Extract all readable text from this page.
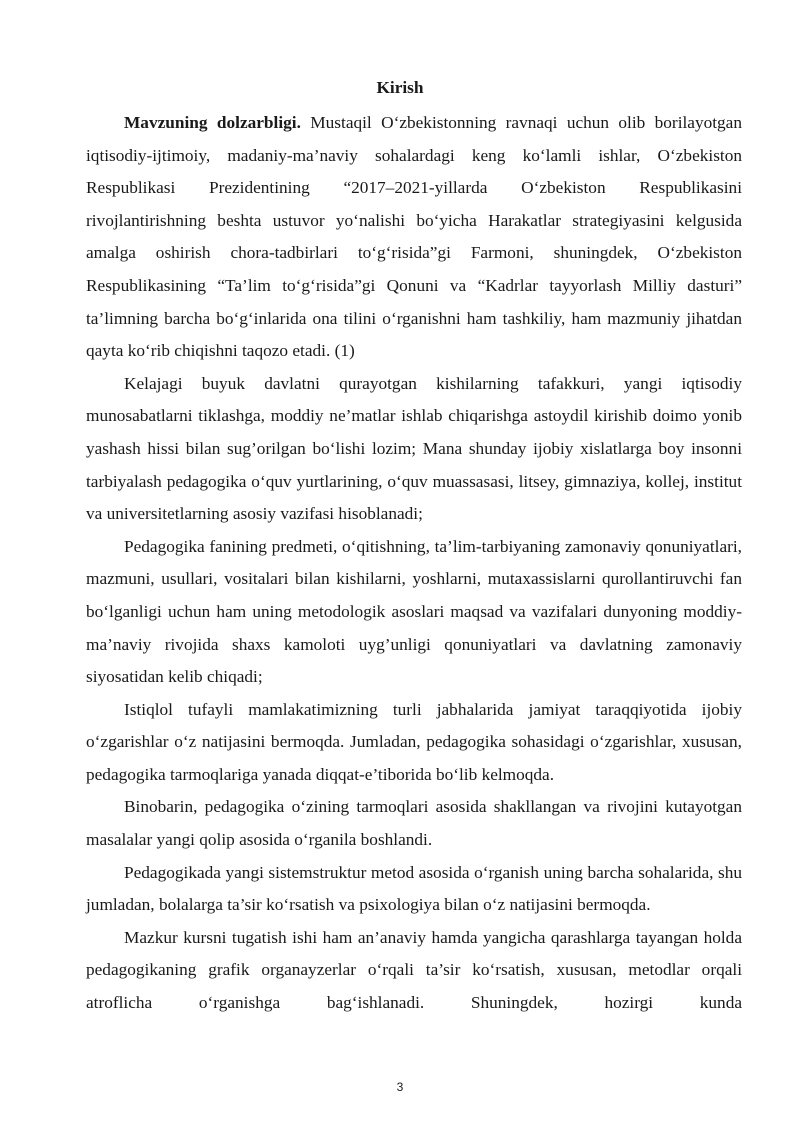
Kirish

Mavzuning dolzarbligi. Mustaqil O‘zbekistonning ravnaqi uchun olib borilayotgan iqtisodiy-ijtimoiy, madaniy-ma’naviy sohalardagi keng ko‘lamli ishlar, O‘zbekiston Respublikasi Prezidentining “2017–2021-yillarda O‘zbekiston Respublikasini rivojlantirishning beshta ustuvor yo‘nalishi bo‘yicha Harakatlar strategiyasini kelgusida amalga oshirish chora-tadbirlari to‘g‘risida”gi Farmoni, shuningdek, O‘zbekiston Respublikasining “Ta’lim to‘g‘risida”gi Qonuni va “Kadrlar tayyorlash Milliy dasturi” ta’limning barcha bo‘g‘inlarida ona tilini o‘rganishni ham tashkiliy, ham mazmuniy jihatdan qayta ko‘rib chiqishni taqozo etadi. (1)

Kelajagi buyuk davlatni qurayotgan kishilarning tafakkuri, yangi iqtisodiy munosabatlarni tiklashga, moddiy ne’matlar ishlab chiqarishga astoydil kirishib doimo yonib yashash hissi bilan sug’orilgan bo‘lishi lozim; Mana shunday ijobiy xislatlarga boy insonni tarbiyalash pedagogika o‘quv yurtlarining, o‘quv muassasasi, litsey, gimnaziya, kollej, institut va universitetlarning asosiy vazifasi hisoblanadi;

Pedagogika fanining predmeti, o‘qitishning, ta’lim-tarbiyaning zamonaviy qonuniyatlari, mazmuni, usullari, vositalari bilan kishilarni, yoshlarni, mutaxassislarni qurollantiruvchi fan bo‘lganligi uchun ham uning metodologik asoslari maqsad va vazifalari dunyoning moddiy-ma’naviy rivojida shaxs kamoloti uyg’unligi qonuniyatlari va davlatning zamonaviy siyosatidan kelib chiqadi;

Istiqlol tufayli mamlakatimizning turli jabhalarida jamiyat taraqqiyotida ijobiy o‘zgarishlar o‘z natijasini bermoqda. Jumladan, pedagogika sohasidagi o‘zgarishlar, xususan, pedagogika tarmoqlariga yanada diqqat-e’tiborida bo‘lib kelmoqda.

Binobarin, pedagogika o‘zining tarmoqlari asosida shakllangan va rivojini kutayotgan masalalar yangi qolip asosida o‘rganila boshlandi.

Pedagogikada yangi sistemstruktur metod asosida o‘rganish uning barcha sohalarida, shu jumladan, bolalarga ta’sir ko‘rsatish va psixologiya bilan o‘z natijasini bermoqda.

Mazkur kursni tugatish ishi ham an’anaviy hamda yangicha qarashlarga tayangan holda pedagogikaning grafik organayzerlar o‘rqali ta’sir ko‘rsatish, xususan, metodlar orqali atroflicha o‘rganishga bag‘ishlanadi. Shuningdek, hozirgi kunda

3
